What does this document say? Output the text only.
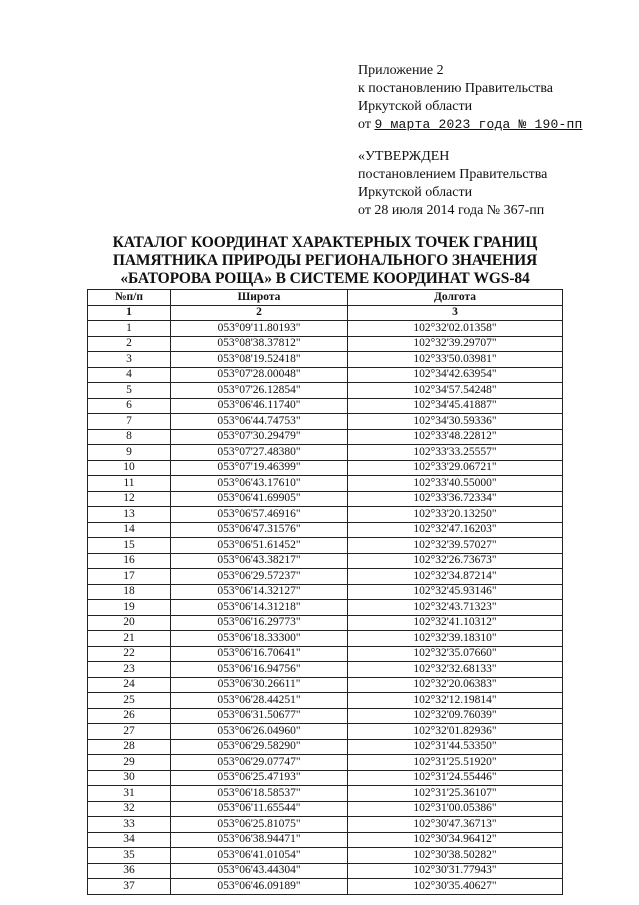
Приложение 2
к постановлению Правительства
Иркутской области
от 9 марта 2023 года № 190-пп
«УТВЕРЖДЕН
постановлением Правительства
Иркутской области
от 28 июля 2014 года № 367-пп
КАТАЛОГ КООРДИНАТ ХАРАКТЕРНЫХ ТОЧЕК ГРАНИЦ
ПАМЯТНИКА ПРИРОДЫ РЕГИОНАЛЬНОГО ЗНАЧЕНИЯ
«БАТОРОВА РОЩА» В СИСТЕМЕ КООРДИНАТ WGS-84
№п/п	Широта	Долгота
1	2	3
1	053°09'11.80193"	102°32'02.01358"
2	053°08'38.37812"	102°32'39.29707"
3	053°08'19.52418"	102°33'50.03981"
4	053°07'28.00048"	102°34'42.63954"
5	053°07'26.12854"	102°34'57.54248"
6	053°06'46.11740"	102°34'45.41887"
7	053°06'44.74753"	102°34'30.59336"
8	053°07'30.29479"	102°33'48.22812"
9	053°07'27.48380"	102°33'33.25557"
10	053°07'19.46399"	102°33'29.06721"
11	053°06'43.17610"	102°33'40.55000"
12	053°06'41.69905"	102°33'36.72334"
13	053°06'57.46916"	102°33'20.13250"
14	053°06'47.31576"	102°32'47.16203"
15	053°06'51.61452"	102°32'39.57027"
16	053°06'43.38217"	102°32'26.73673"
17	053°06'29.57237"	102°32'34.87214"
18	053°06'14.32127"	102°32'45.93146"
19	053°06'14.31218"	102°32'43.71323"
20	053°06'16.29773"	102°32'41.10312"
21	053°06'18.33300"	102°32'39.18310"
22	053°06'16.70641"	102°32'35.07660"
23	053°06'16.94756"	102°32'32.68133"
24	053°06'30.26611"	102°32'20.06383"
25	053°06'28.44251"	102°32'12.19814"
26	053°06'31.50677"	102°32'09.76039"
27	053°06'26.04960"	102°32'01.82936"
28	053°06'29.58290"	102°31'44.53350"
29	053°06'29.07747"	102°31'25.51920"
30	053°06'25.47193"	102°31'24.55446"
31	053°06'18.58537"	102°31'25.36107"
32	053°06'11.65544"	102°31'00.05386"
33	053°06'25.81075"	102°30'47.36713"
34	053°06'38.94471"	102°30'34.96412"
35	053°06'41.01054"	102°30'38.50282"
36	053°06'43.44304"	102°30'31.77943"
37	053°06'46.09189"	102°30'35.40627"
